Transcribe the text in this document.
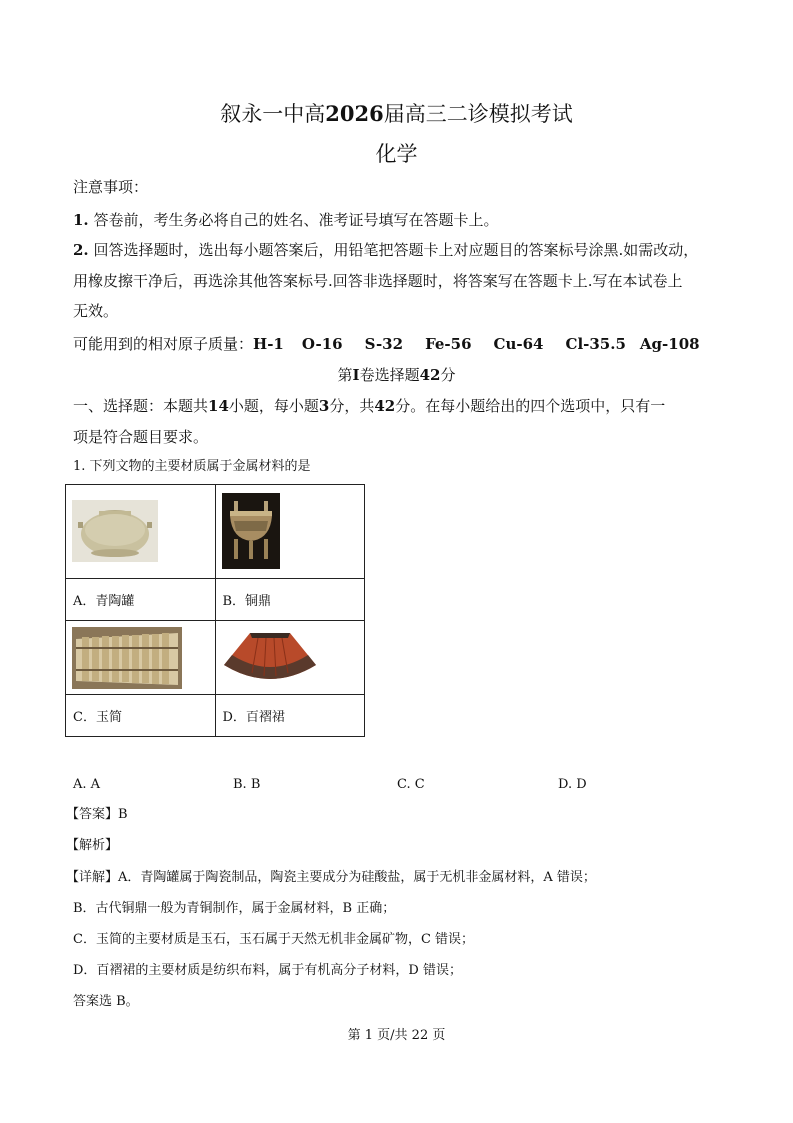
叙永一中高2026届高三二诊模拟考试
化学
注意事项：
1. 答卷前，考生务必将自己的姓名、准考证号填写在答题卡上。
2. 回答选择题时，选出每小题答案后，用铅笔把答题卡上对应题目的答案标号涂黑.如需改动，
用橡皮擦干净后，再选涂其他答案标号.回答非选择题时，将答案写在答题卡上.写在本试卷上
无效。
可能用到的相对原子质量：H-1 O-16 S-32 Fe-56 Cu-64 Cl-35.5 Ag-108
第I卷选择题42分
一、选择题：本题共14小题，每小题3分，共42分。在每小题给出的四个选项中，只有一
项是符合题目要求。
1. 下列文物的主要材质属于金属材料的是

A．青陶罐	B．铜鼎

C．玉简	D．百褶裙
A. A	B. B	C. C	D. D
【答案】B
【解析】
【详解】A．青陶罐属于陶瓷制品，陶瓷主要成分为硅酸盐，属于无机非金属材料，A 错误；
B．古代铜鼎一般为青铜制作，属于金属材料，B 正确；
C．玉简的主要材质是玉石，玉石属于天然无机非金属矿物，C 错误；
D．百褶裙的主要材质是纺织布料，属于有机高分子材料，D 错误；
答案选 B。
第 1 页/共 22 页
